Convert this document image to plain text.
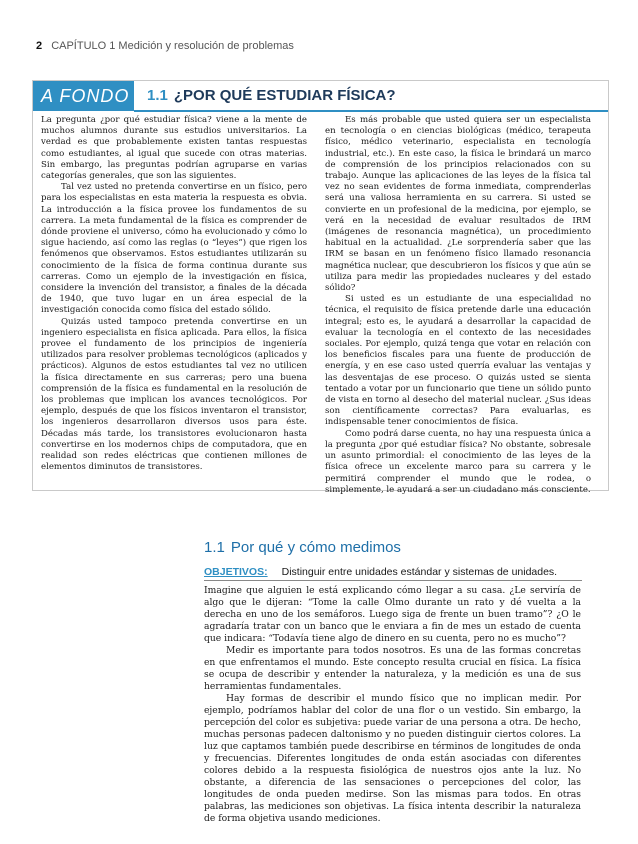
2 CAPÍTULO 1 Medición y resolución de problemas
A FONDO	1.1 ¿POR QUÉ ESTUDIAR FÍSICA?

La pregunta ¿por qué estudiar física? viene a la mente de muchos alumnos durante sus estudios universitarios. La verdad es que probablemente existen tantas respuestas como estudiantes, al igual que sucede con otras materias. Sin embargo, las preguntas podrían agruparse en varias categorías generales, que son las siguientes.

Tal vez usted no pretenda convertirse en un físico, pero para los especialistas en esta materia la respuesta es obvia. La introducción a la física provee los fundamentos de su carrera. La meta fundamental de la física es comprender de dónde proviene el universo, cómo ha evolucionado y cómo lo sigue haciendo, así como las reglas (o “leyes”) que rigen los fenómenos que observamos. Estos estudiantes utilizarán su conocimiento de la física de forma continua durante sus carreras. Como un ejemplo de la investigación en física, considere la invención del transistor, a finales de la década de 1940, que tuvo lugar en un área especial de la investigación conocida como física del estado sólido.

Quizás usted tampoco pretenda convertirse en un ingeniero especialista en física aplicada. Para ellos, la física provee el fundamento de los principios de ingeniería utilizados para resolver problemas tecnológicos (aplicados y prácticos). Algunos de estos estudiantes tal vez no utilicen la física directamente en sus carreras; pero una buena comprensión de la física es fundamental en la resolución de los problemas que implican los avances tecnológicos. Por ejemplo, después de que los físicos inventaron el transistor, los ingenieros desarrollaron diversos usos para éste. Décadas más tarde, los transistores evolucionaron hasta convertirse en los modernos chips de computadora, que en realidad son redes eléctricas que contienen millones de elementos diminutos de transistores.

Es más probable que usted quiera ser un especialista en tecnología o en ciencias biológicas (médico, terapeuta físico, médico veterinario, especialista en tecnología industrial, etc.). En este caso, la física le brindará un marco de comprensión de los principios relacionados con su trabajo. Aunque las aplicaciones de las leyes de la física tal vez no sean evidentes de forma inmediata, comprenderlas será una valiosa herramienta en su carrera. Si usted se convierte en un profesional de la medicina, por ejemplo, se verá en la necesidad de evaluar resultados de IRM (imágenes de resonancia magnética), un procedimiento habitual en la actualidad. ¿Le sorprendería saber que las IRM se basan en un fenómeno físico llamado resonancia magnética nuclear, que descubrieron los físicos y que aún se utiliza para medir las propiedades nucleares y del estado sólido?

Si usted es un estudiante de una especialidad no técnica, el requisito de física pretende darle una educación integral; esto es, le ayudará a desarrollar la capacidad de evaluar la tecnología en el contexto de las necesidades sociales. Por ejemplo, quizá tenga que votar en relación con los beneficios fiscales para una fuente de producción de energía, y en ese caso usted querría evaluar las ventajas y las desventajas de ese proceso. O quizás usted se sienta tentado a votar por un funcionario que tiene un sólido punto de vista en torno al desecho del material nuclear. ¿Sus ideas son científicamente correctas? Para evaluarlas, es indispensable tener conocimientos de física.

Como podrá darse cuenta, no hay una respuesta única a la pregunta ¿por qué estudiar física? No obstante, sobresale un asunto primordial: el conocimiento de las leyes de la física ofrece un excelente marco para su carrera y le permitirá comprender el mundo que le rodea, o simplemente, le ayudará a ser un ciudadano más consciente.

1.1 Por qué y cómo medimos
OBJETIVOS: Distinguir entre unidades estándar y sistemas de unidades.

Imagine que alguien le está explicando cómo llegar a su casa. ¿Le serviría de algo que le dijeran: “Tome la calle Olmo durante un rato y dé vuelta a la derecha en uno de los semáforos. Luego siga de frente un buen tramo”? ¿O le agradaría tratar con un banco que le enviara a fin de mes un estado de cuenta que indicara: “Todavía tiene algo de dinero en su cuenta, pero no es mucho”?

Medir es importante para todos nosotros. Es una de las formas concretas en que enfrentamos el mundo. Este concepto resulta crucial en física. La física se ocupa de describir y entender la naturaleza, y la medición es una de sus herramientas fundamentales.

Hay formas de describir el mundo físico que no implican medir. Por ejemplo, podríamos hablar del color de una flor o un vestido. Sin embargo, la percepción del color es subjetiva: puede variar de una persona a otra. De hecho, muchas personas padecen daltonismo y no pueden distinguir ciertos colores. La luz que captamos también puede describirse en términos de longitudes de onda y frecuencias. Diferentes longitudes de onda están asociadas con diferentes colores debido a la respuesta fisiológica de nuestros ojos ante la luz. No obstante, a diferencia de las sensaciones o percepciones del color, las longitudes de onda pueden medirse. Son las mismas para todos. En otras palabras, las mediciones son objetivas. La física intenta describir la naturaleza de forma objetiva usando mediciones.
